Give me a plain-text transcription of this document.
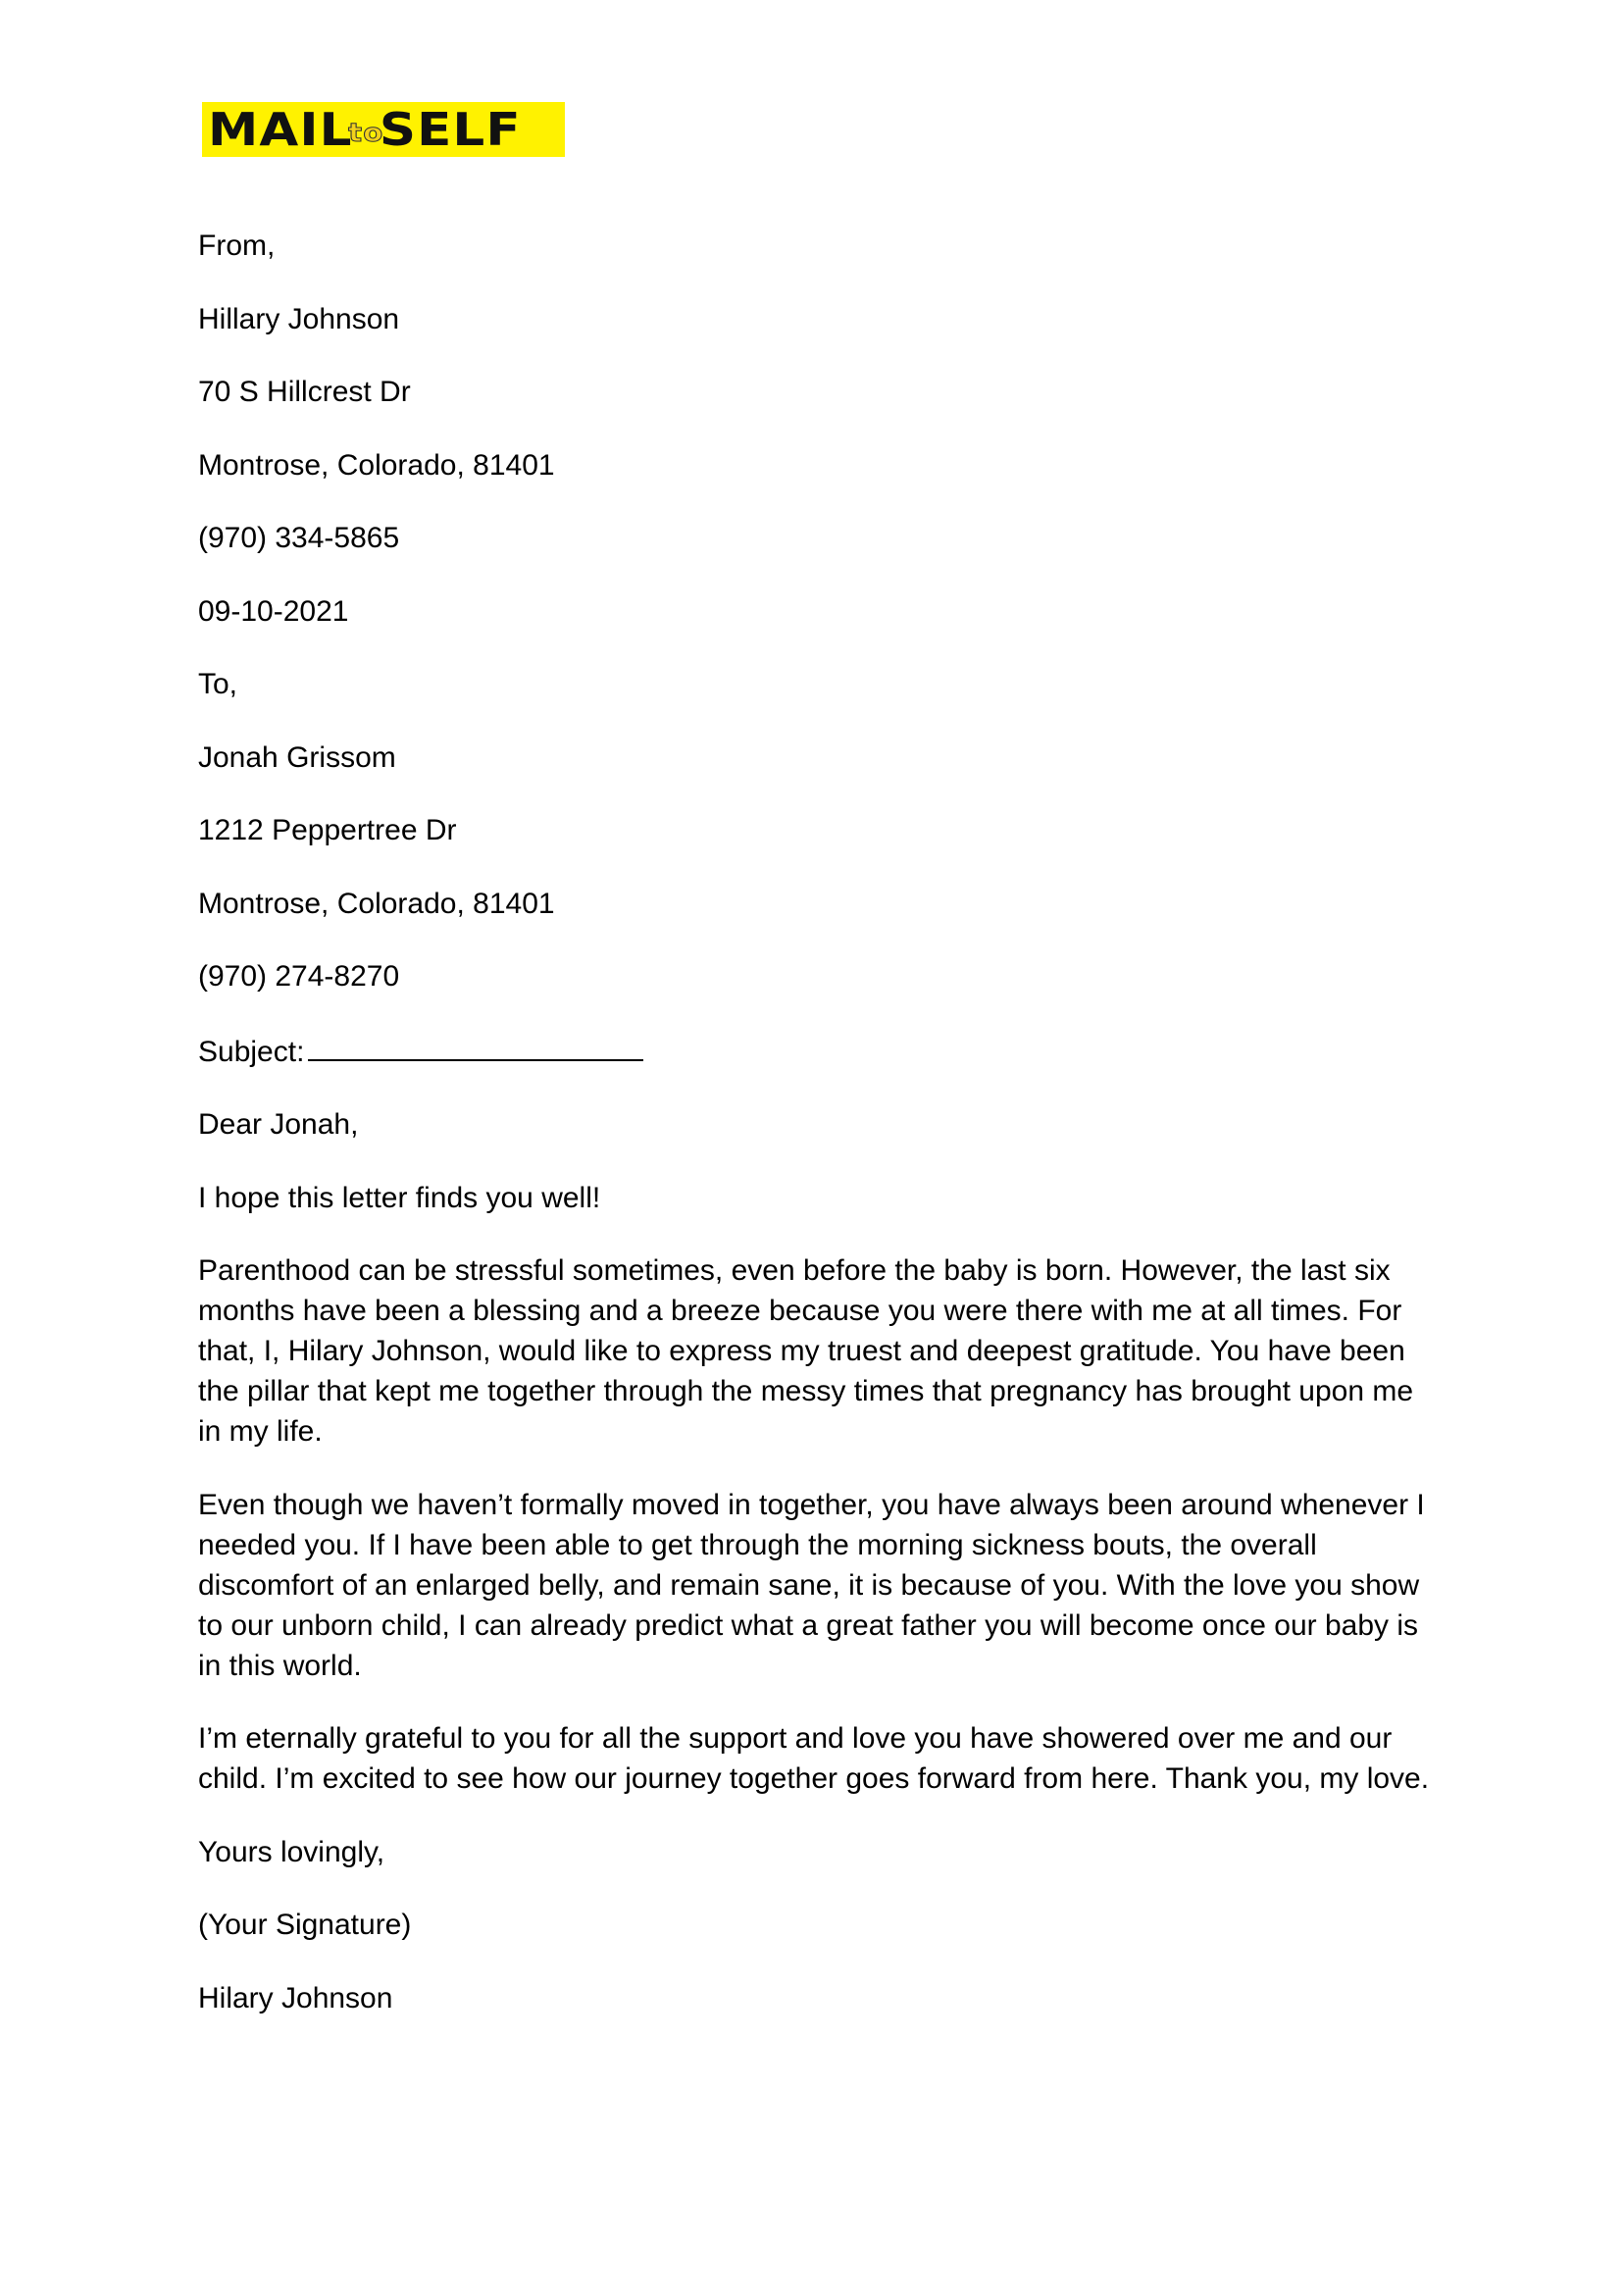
MAILtoSELF

From,

Hillary Johnson

70 S Hillcrest Dr

Montrose, Colorado, 81401

(970) 334-5865

09-10-2021

To,

Jonah Grissom

1212 Peppertree Dr

Montrose, Colorado, 81401

(970) 274-8270

Subject:

Dear Jonah,

I hope this letter finds you well!

Parenthood can be stressful sometimes, even before the baby is born. However, the last six months have been a blessing and a breeze because you were there with me at all times. For that, I, Hilary Johnson, would like to express my truest and deepest gratitude. You have been the pillar that kept me together through the messy times that pregnancy has brought upon me in my life.

Even though we haven’t formally moved in together, you have always been around whenever I needed you. If I have been able to get through the morning sickness bouts, the overall discomfort of an enlarged belly, and remain sane, it is because of you. With the love you show to our unborn child, I can already predict what a great father you will become once our baby is in this world.

I’m eternally grateful to you for all the support and love you have showered over me and our child. I’m excited to see how our journey together goes forward from here. Thank you, my love.

Yours lovingly,

(Your Signature)

Hilary Johnson
